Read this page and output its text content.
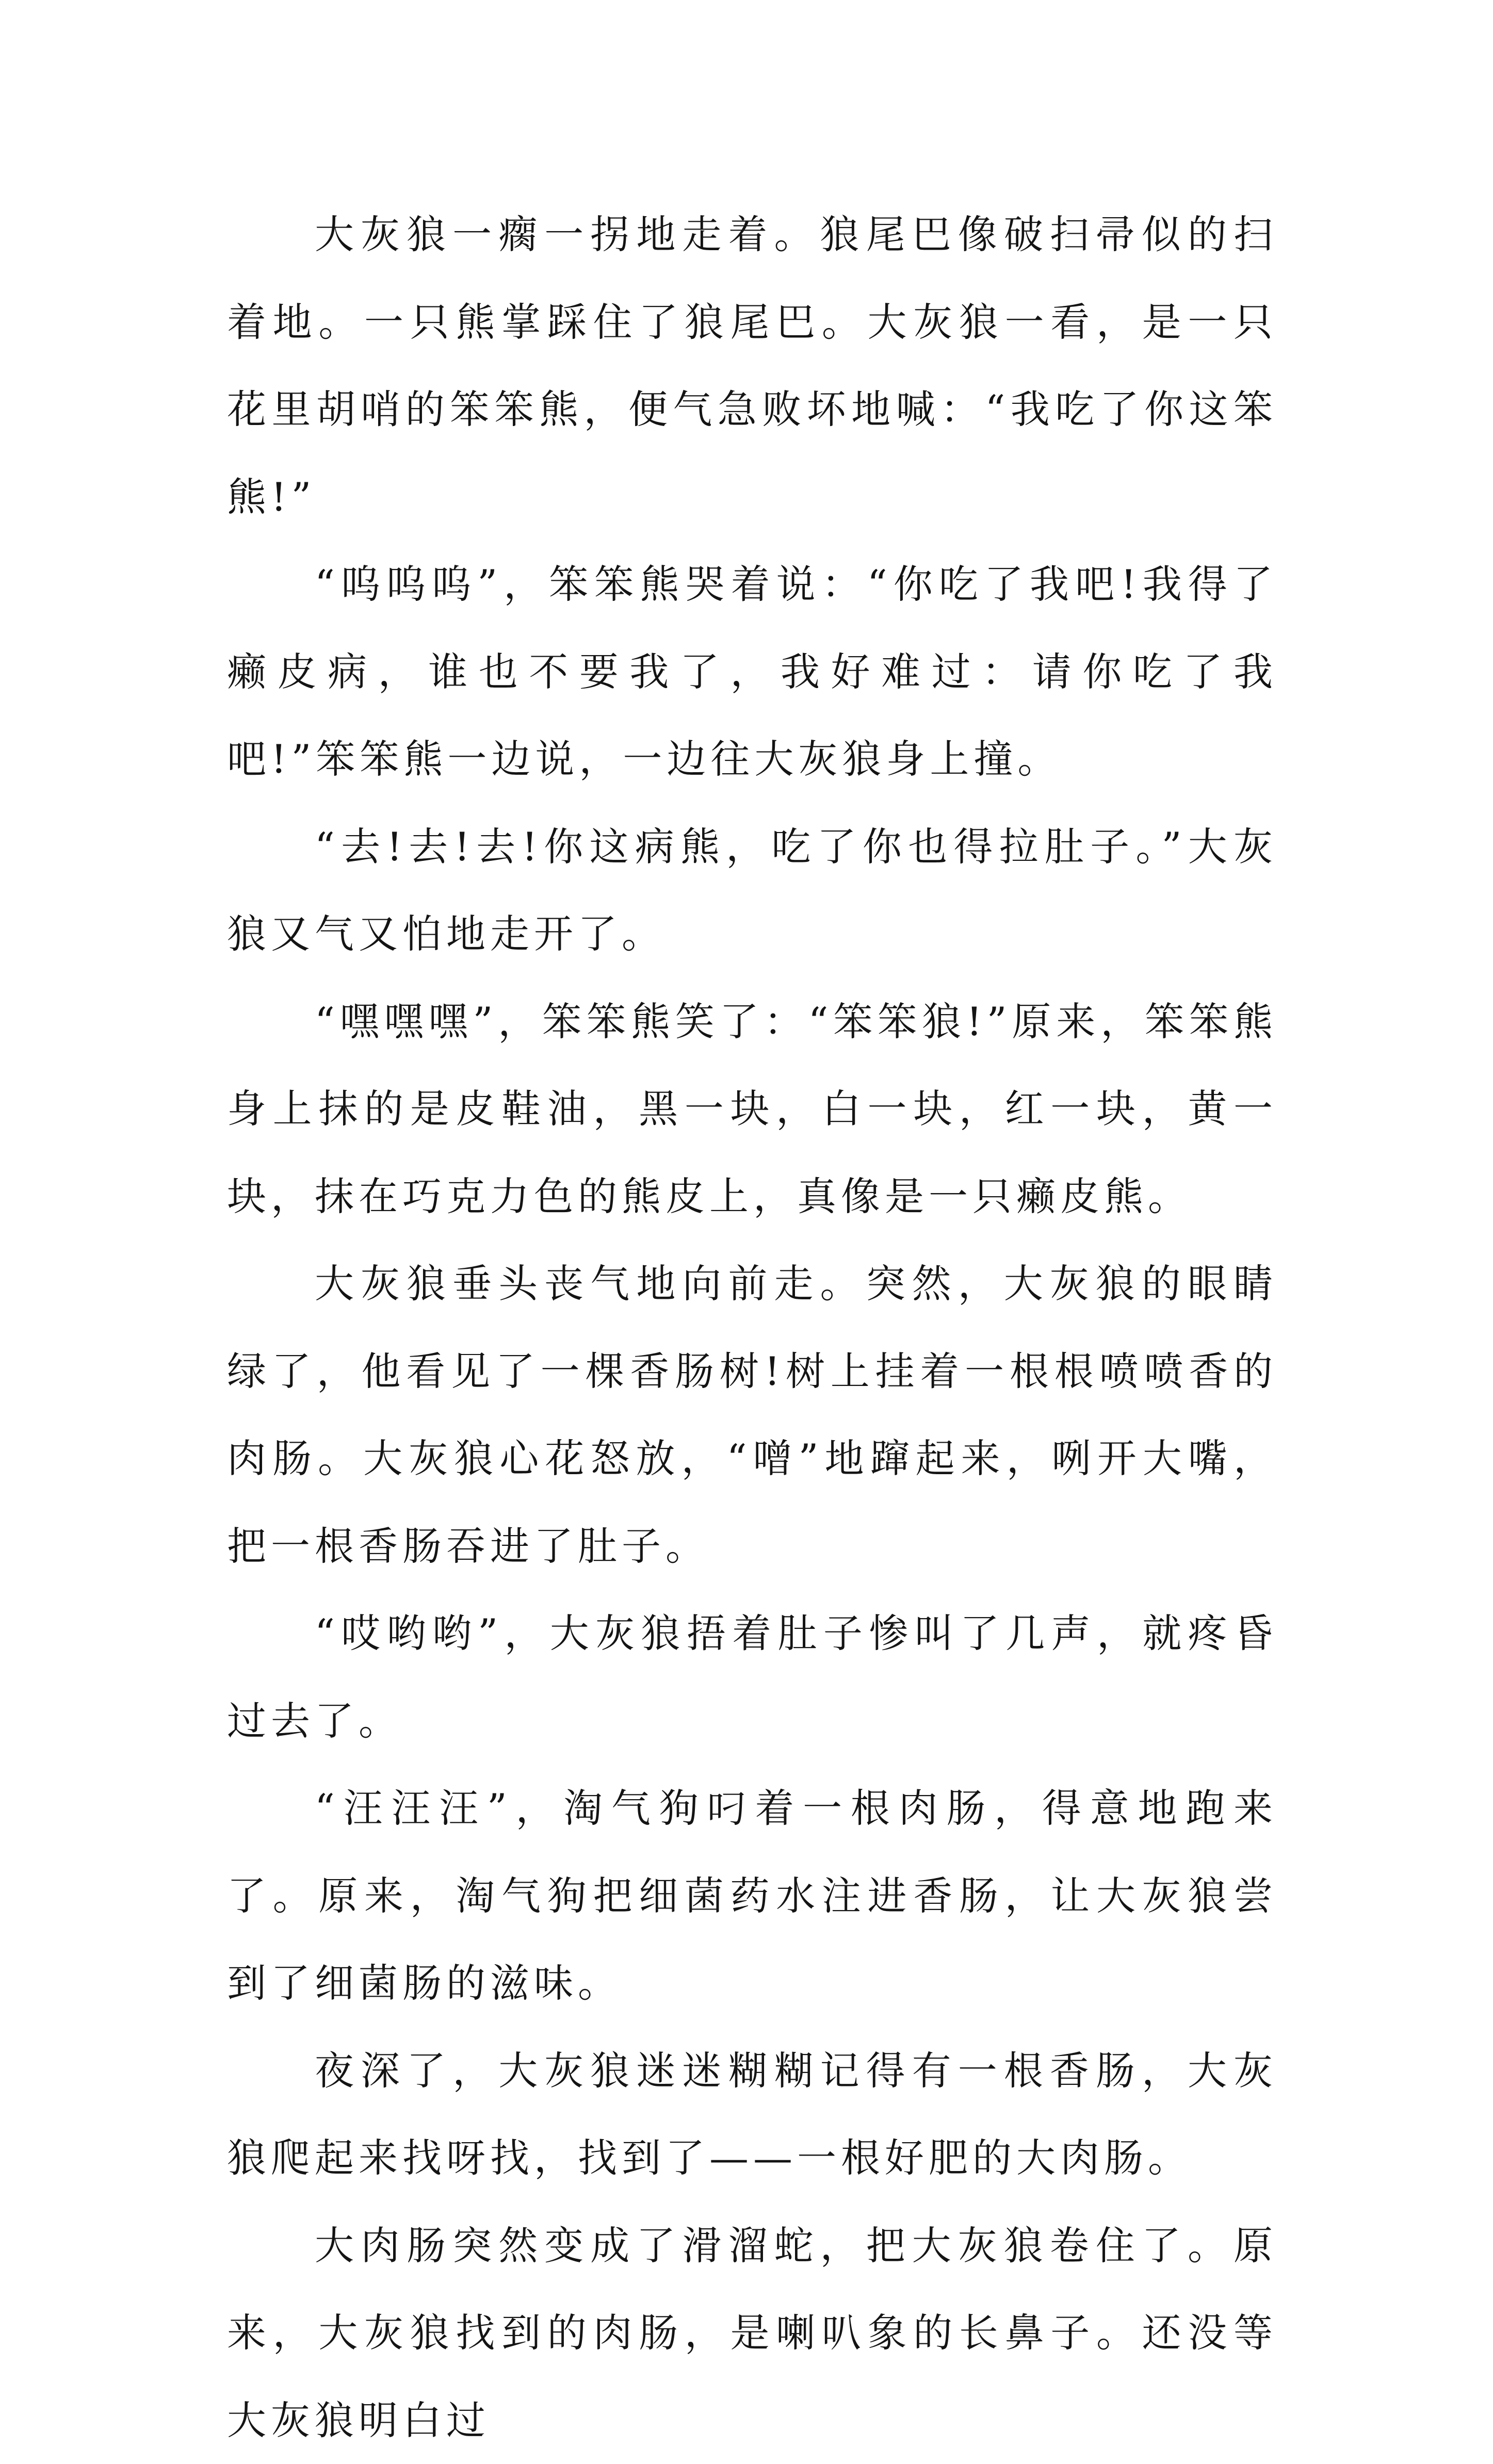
大灰狼一瘸一拐地走着。狼尾巴像破扫帚似的扫着地。一只熊掌踩住了狼尾巴。大灰狼一看，是一只花里胡哨的笨笨熊，便气急败坏地喊：“我吃了你这笨熊!”

“呜呜呜”，笨笨熊哭着说：“你吃了我吧!我得了癞皮病，谁也不要我了，我好难过：请你吃了我吧!”笨笨熊一边说，一边往大灰狼身上撞。

“去!去!去!你这病熊，吃了你也得拉肚子。”大灰狼又气又怕地走开了。

“嘿嘿嘿”，笨笨熊笑了：“笨笨狼!”原来，笨笨熊身上抹的是皮鞋油，黑一块，白一块，红一块，黄一块，抹在巧克力色的熊皮上，真像是一只癞皮熊。

大灰狼垂头丧气地向前走。突然，大灰狼的眼睛绿了，他看见了一棵香肠树!树上挂着一根根喷喷香的肉肠。大灰狼心花怒放，“噌”地蹿起来，咧开大嘴，把一根香肠吞进了肚子。

“哎哟哟”，大灰狼捂着肚子惨叫了几声，就疼昏过去了。

“汪汪汪”，淘气狗叼着一根肉肠，得意地跑来了。原来，淘气狗把细菌药水注进香肠，让大灰狼尝到了细菌肠的滋味。

夜深了，大灰狼迷迷糊糊记得有一根香肠，大灰狼爬起来找呀找，找到了——一根好肥的大肉肠。

大肉肠突然变成了滑溜蛇，把大灰狼卷住了。原来，大灰狼找到的肉肠，是喇叭象的长鼻子。还没等大灰狼明白过
